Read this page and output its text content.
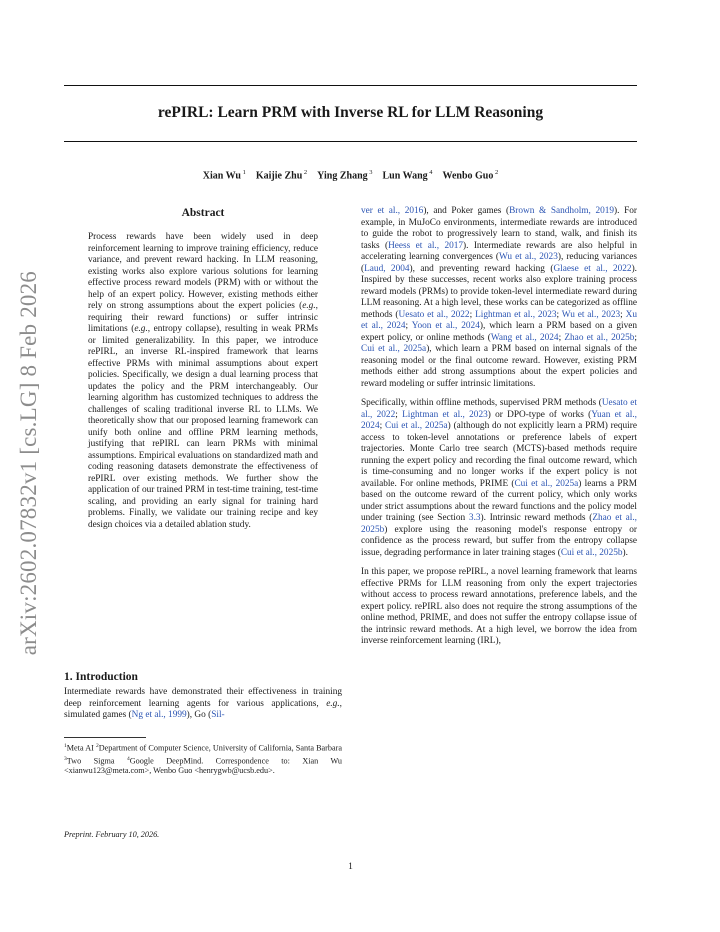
arXiv:2602.07832v1 [cs.LG] 8 Feb 2026
rePIRL: Learn PRM with Inverse RL for LLM Reasoning
Xian Wu $^1$   Kaijie Zhu $^2$   Ying Zhang $^3$   Lun Wang $^4$   Wenbo Guo $^2$
Abstract
Process rewards have been widely used in deep reinforcement learning to improve training efficiency, reduce variance, and prevent reward hacking. In LLM reasoning, existing works also explore various solutions for learning effective process reward models (PRM) with or without the help of an expert policy. However, existing methods either rely on strong assumptions about the expert policies (e.g., requiring their reward functions) or suffer intrinsic limitations (e.g., entropy collapse), resulting in weak PRMs or limited generalizability. In this paper, we introduce rePIRL, an inverse RL-inspired framework that learns effective PRMs with minimal assumptions about expert policies. Specifically, we design a dual learning process that updates the policy and the PRM interchangeably. Our learning algorithm has customized techniques to address the challenges of scaling traditional inverse RL to LLMs. We theoretically show that our proposed learning framework can unify both online and offline PRM learning methods, justifying that rePIRL can learn PRMs with minimal assumptions. Empirical evaluations on standardized math and coding reasoning datasets demonstrate the effectiveness of rePIRL over existing methods. We further show the application of our trained PRM in test-time training, test-time scaling, and providing an early signal for training hard problems. Finally, we validate our training recipe and key design choices via a detailed ablation study.
1. Introduction
Intermediate rewards have demonstrated their effectiveness in training deep reinforcement learning agents for various applications, e.g., simulated games (Ng et al., 1999), Go (Sil-
$^1$Meta AI $^2$Department of Computer Science, University of California, Santa Barbara $^3$Two Sigma $^4$Google DeepMind. Correspondence to: Xian Wu <xianwu123@meta.com>, Wenbo Guo <henrygwb@ucsb.edu>.
Preprint. February 10, 2026.

ver et al., 2016), and Poker games (Brown & Sandholm, 2019). For example, in MuJoCo environments, intermediate rewards are introduced to guide the robot to progressively learn to stand, walk, and finish its tasks (Heess et al., 2017). Intermediate rewards are also helpful in accelerating learning convergences (Wu et al., 2023), reducing variances (Laud, 2004), and preventing reward hacking (Glaese et al., 2022). Inspired by these successes, recent works also explore training process reward models (PRMs) to provide token-level intermediate reward during LLM reasoning. At a high level, these works can be categorized as offline methods (Uesato et al., 2022; Lightman et al., 2023; Wu et al., 2023; Xu et al., 2024; Yoon et al., 2024), which learn a PRM based on a given expert policy, or online methods (Wang et al., 2024; Zhao et al., 2025b; Cui et al., 2025a), which learn a PRM based on internal signals of the reasoning model or the final outcome reward. However, existing PRM methods either add strong assumptions about the expert policies and reward modeling or suffer intrinsic limitations.

Specifically, within offline methods, supervised PRM methods (Uesato et al., 2022; Lightman et al., 2023) or DPO-type of works (Yuan et al., 2024; Cui et al., 2025a) (although do not explicitly learn a PRM) require access to token-level annotations or preference labels of expert trajectories. Monte Carlo tree search (MCTS)-based methods require running the expert policy and recording the final outcome reward, which is time-consuming and no longer works if the expert policy is not available. For online methods, PRIME (Cui et al., 2025a) learns a PRM based on the outcome reward of the current policy, which only works under strict assumptions about the reward functions and the policy model under training (see Section 3.3). Intrinsic reward methods (Zhao et al., 2025b) explore using the reasoning model's response entropy or confidence as the process reward, but suffer from the entropy collapse issue, degrading performance in later training stages (Cui et al., 2025b).

In this paper, we propose rePIRL, a novel learning framework that learns effective PRMs for LLM reasoning from only the expert trajectories without access to process reward annotations, preference labels, and the expert policy. rePIRL also does not require the strong assumptions of the online method, PRIME, and does not suffer the entropy collapse issue of the intrinsic reward methods. At a high level, we borrow the idea from inverse reinforcement learning (IRL),

1
